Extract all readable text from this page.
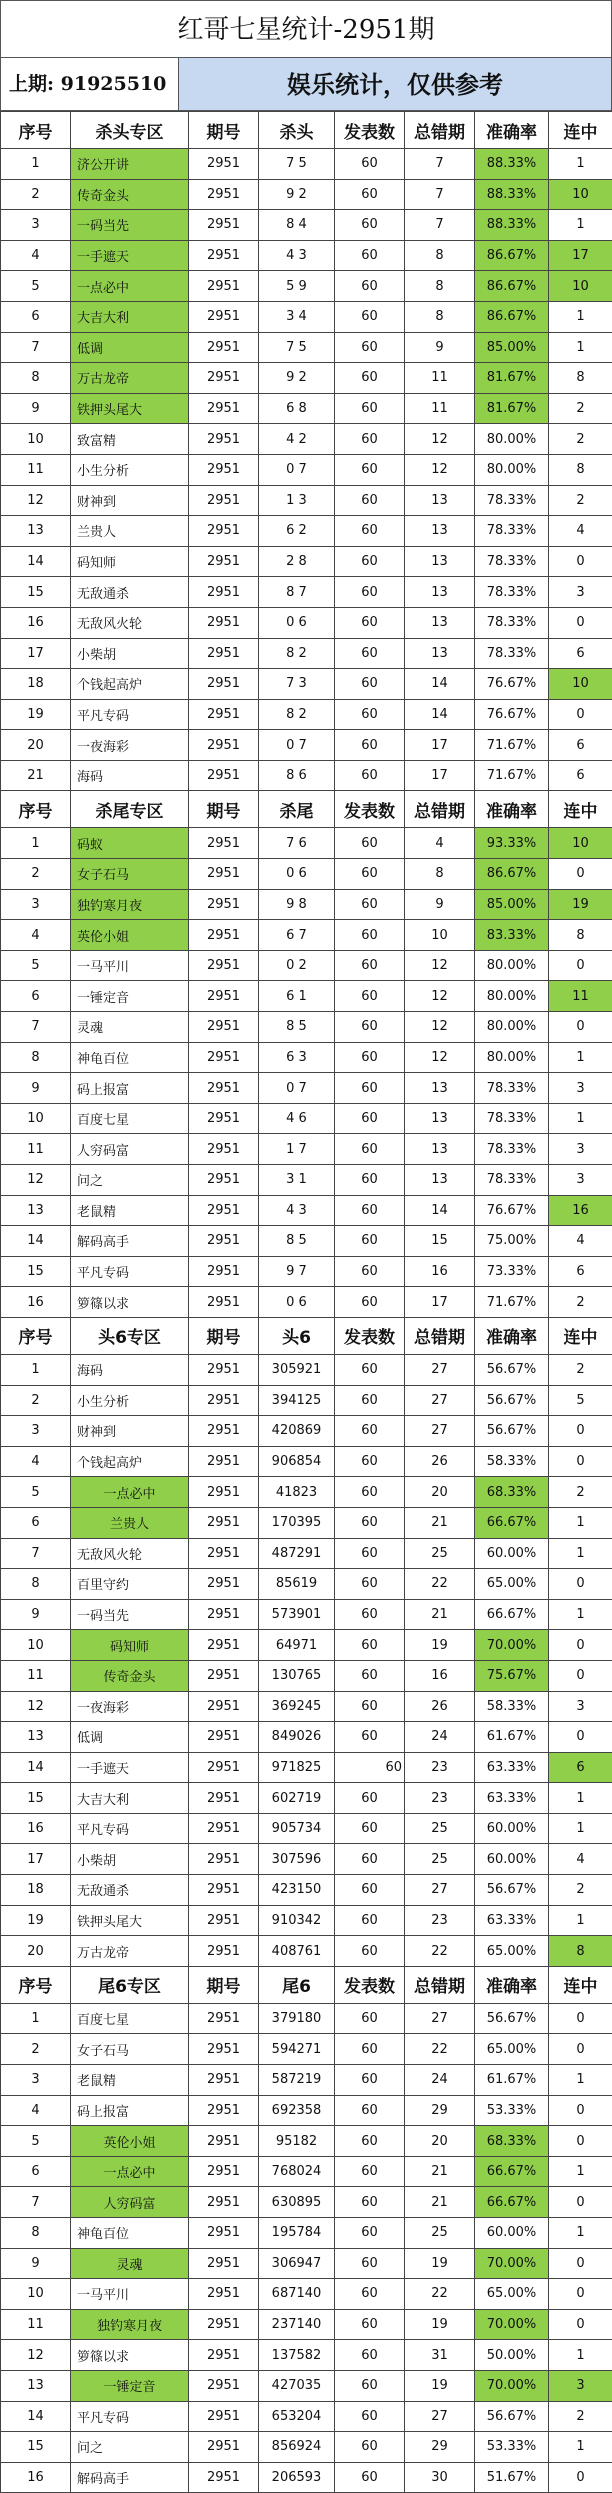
红哥七星统计-2951期
上期: 91925510	娱乐统计，仅供参考
序号	杀头专区	期号	杀头	发表数	总错期	准确率	连中
1	济公开讲	2951	7 5	60	7	88.33%	1
2	传奇金头	2951	9 2	60	7	88.33%	10
3	一码当先	2951	8 4	60	7	88.33%	1
4	一手遮天	2951	4 3	60	8	86.67%	17
5	一点必中	2951	5 9	60	8	86.67%	10
6	大吉大利	2951	3 4	60	8	86.67%	1
7	低调	2951	7 5	60	9	85.00%	1
8	万古龙帝	2951	9 2	60	11	81.67%	8
9	铁押头尾大	2951	6 8	60	11	81.67%	2
10	致富精	2951	4 2	60	12	80.00%	2
11	小生分析	2951	0 7	60	12	80.00%	8
12	财神到	2951	1 3	60	13	78.33%	2
13	兰贵人	2951	6 2	60	13	78.33%	4
14	码知师	2951	2 8	60	13	78.33%	0
15	无敌通杀	2951	8 7	60	13	78.33%	3
16	无敌风火轮	2951	0 6	60	13	78.33%	0
17	小柴胡	2951	8 2	60	13	78.33%	6
18	个钱起高炉	2951	7 3	60	14	76.67%	10
19	平凡专码	2951	8 2	60	14	76.67%	0
20	一夜海彩	2951	0 7	60	17	71.67%	6
21	海码	2951	8 6	60	17	71.67%	6
序号	杀尾专区	期号	杀尾	发表数	总错期	准确率	连中
1	码蚁	2951	7 6	60	4	93.33%	10
2	女子石马	2951	0 6	60	8	86.67%	0
3	独钓寒月夜	2951	9 8	60	9	85.00%	19
4	英伦小姐	2951	6 7	60	10	83.33%	8
5	一马平川	2951	0 2	60	12	80.00%	0
6	一锤定音	2951	6 1	60	12	80.00%	11
7	灵魂	2951	8 5	60	12	80.00%	0
8	神龟百位	2951	6 3	60	12	80.00%	1
9	码上报富	2951	0 7	60	13	78.33%	3
10	百度七星	2951	4 6	60	13	78.33%	1
11	人穷码富	2951	1 7	60	13	78.33%	3
12	问之	2951	3 1	60	13	78.33%	3
13	老鼠精	2951	4 3	60	14	76.67%	16
14	解码高手	2951	8 5	60	15	75.00%	4
15	平凡专码	2951	9 7	60	16	73.33%	6
16	箩篠以求	2951	0 6	60	17	71.67%	2
序号	头6专区	期号	头6	发表数	总错期	准确率	连中
1	海码	2951	305921	60	27	56.67%	2
2	小生分析	2951	394125	60	27	56.67%	5
3	财神到	2951	420869	60	27	56.67%	0
4	个钱起高炉	2951	906854	60	26	58.33%	0
5	一点必中	2951	41823	60	20	68.33%	2
6	兰贵人	2951	170395	60	21	66.67%	1
7	无敌风火轮	2951	487291	60	25	60.00%	1
8	百里守约	2951	85619	60	22	65.00%	0
9	一码当先	2951	573901	60	21	66.67%	1
10	码知师	2951	64971	60	19	70.00%	0
11	传奇金头	2951	130765	60	16	75.67%	0
12	一夜海彩	2951	369245	60	26	58.33%	3
13	低调	2951	849026	60	24	61.67%	0
14	一手遮天	2951	971825	60	23	63.33%	6
15	大吉大利	2951	602719	60	23	63.33%	1
16	平凡专码	2951	905734	60	25	60.00%	1
17	小柴胡	2951	307596	60	25	60.00%	4
18	无敌通杀	2951	423150	60	27	56.67%	2
19	铁押头尾大	2951	910342	60	23	63.33%	1
20	万古龙帝	2951	408761	60	22	65.00%	8
序号	尾6专区	期号	尾6	发表数	总错期	准确率	连中
1	百度七星	2951	379180	60	27	56.67%	0
2	女子石马	2951	594271	60	22	65.00%	0
3	老鼠精	2951	587219	60	24	61.67%	1
4	码上报富	2951	692358	60	29	53.33%	0
5	英伦小姐	2951	95182	60	20	68.33%	0
6	一点必中	2951	768024	60	21	66.67%	1
7	人穷码富	2951	630895	60	21	66.67%	0
8	神龟百位	2951	195784	60	25	60.00%	1
9	灵魂	2951	306947	60	19	70.00%	0
10	一马平川	2951	687140	60	22	65.00%	0
11	独钓寒月夜	2951	237140	60	19	70.00%	0
12	箩篠以求	2951	137582	60	31	50.00%	1
13	一锤定音	2951	427035	60	19	70.00%	3
14	平凡专码	2951	653204	60	27	56.67%	2
15	问之	2951	856924	60	29	53.33%	1
16	解码高手	2951	206593	60	30	51.67%	0
